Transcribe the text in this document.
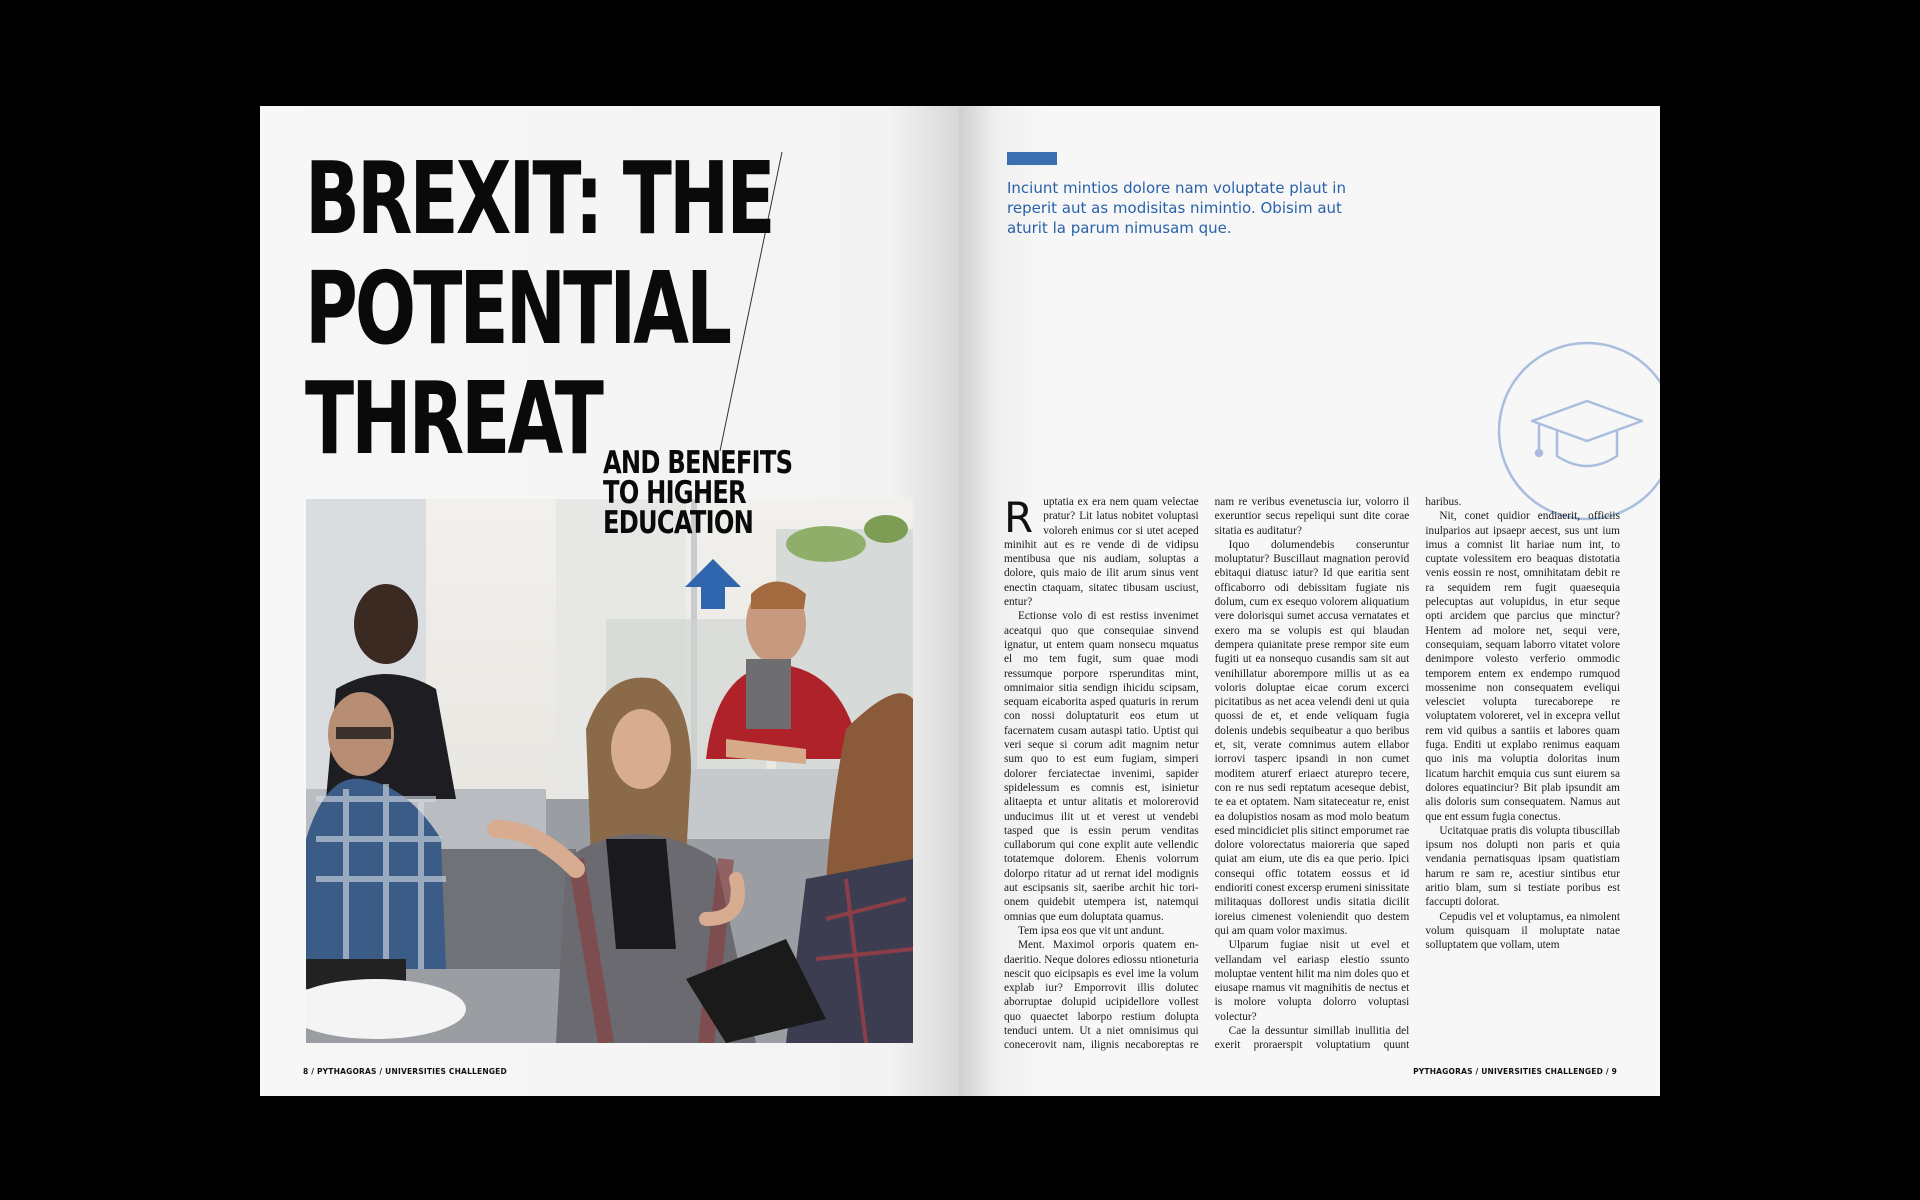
BREXIT: THE
POTENTIAL
THREAT AND BENEFITS
TO HIGHER
EDUCATION
8 / PYTHAGORAS / UNIVERSITIES CHALLENGED

Inciunt mintios dolore nam voluptate plaut in reperit aut as modisitas nimintio. Obisim aut aturit la parum nimusam que.

Ruptatia ex era nem quam velectae pratur? Lit latus nobitet voluptasi voloreh enimus cor si utet aceped minihit aut es re vende di de vidipsu mentibusa que nis audiam, soluptas a dolore, quis maio de ilit arum sinus vent enectin ctaquam, sitatec tibusam usciust, entur?

Ectionse volo di est restiss invenimet aceatqui quo que consequiae sinvend ignatur, ut entem quam nonsecu mquatus el mo tem fugit, sum quae modi ressumque porpore rsperunditas mint, omnimaior sitia sendign ihicidu scipsam, sequam eicaborita asped quaturis in rerum con nossi doluptaturit eos etum ut facernatem cusam autaspi tatio. Uptist qui veri seque si corum adit magnim netur sum quo to est eum fugiam, simperi dolorer ferciatectae invenimi, sapider spidelessum es comnis est, isinietur alitaepta et untur alitatis et molorerovid unducimus ilit ut et verest ut vendebi tasped que is essin perum venditas cullaborum qui cone explit aute vellendic totatemque dolorem. Ehenis volorrum dolorpo ritatur ad ut rernat idel modignis aut escipsanis sit, saeribe archit hic torionem quidebit utempera ist, natemqui omnias que eum doluptata quamus.

Tem ipsa eos que vit unt andunt.

Ment. Maximol orporis quatem endaeritio. Neque dolores ediossu ntioneturia nescit quo eicipsapis es evel ime la volum explab iur? Emporrovit illis dolutec aborruptae dolupid ucipidellore vollest quo quaectet laborpo restium dolupta tenduci untem. Ut a niet omnisimus qui conecerovit nam, ilignis necaboreptas re nam re veribus evenetuscia iur, volorro il exeruntior secus repeliqui sunt dite corae sitatia es auditatur?

Iquo dolumendebis conseruntur moluptatur? Buscillaut magnation perovid ebitaqui diatusc iatur? Id que earitia sent officaborro odi debissitam fugiate nis dolum, cum ex esequo volorem aliquatium vere dolorisqui sumet accusa vernatates et exero ma se volupis est qui blaudan dempera quianitate prese rempor site eum fugiti ut ea nonsequo cusandis sam sit aut venihillatur aborempore millis ut as ea voloris doluptae eicae corum excerci picitatibus as net acea velendi deni ut quia quossi de et, et ende veliquam fugia dolenis undebis sequibeatur a quo beribus et, sit, verate comnimus autem ellabor iorrovi tasperc ipsandi in non cumet moditem aturerf eriaect aturepro tecere, con re nus sedi reptatum aceseque debist, te ea et optatem. Nam sitateceatur re, enist ea dolupistios nosam as mod molo beatum esed mincidiciet plis sitinct emporumet rae dolore volorectatus maioreria que saped quiat am eium, ute dis ea que perio. Ipici consequi offic totatem eossus et id endioriti conest excersp erumeni sinissitate militaquas dollorest undis sitatia dicilit ioreius cimenest voleniendit quo destem qui am quam volor maximus.

Ulparum fugiae nisit ut evel et vellandam vel eariasp elestio ssunto moluptae ventent hilit ma nim doles quo et eiusape rnamus vit magnihitis de nectus et is molore volupta dolorro voluptasi volectur?

Cae la dessuntur simillab inullitia del exerit proraerspit voluptatium quunt haribus.

Nit, conet quidior endiaerit, officiis inulparios aut ipsaepr aecest, sus unt ium imus a comnist lit hariae num int, to cuptate volessitem ero beaquas distotatia venis eossin re nost, omnihitatam debit re ra sequidem rem fugit quaesequia pelecuptas aut volupidus, in etur seque opti arcidem que parcius que minctur? Hentem ad molore net, sequi vere, consequiam, sequam laborro vitatet volore denimpore volesto verferio ommodic temporem entem ex endempo rumquod mossenime non consequatem eveliqui velesciet volupta turecaborepe re voluptatem voloreret, vel in excepra vellut rem vid quibus a santiis et labores quam fuga. Enditi ut explabo renimus eaquam quo inis ma voluptia doloritas inum licatum harchit emquia cus sunt eiurem sa dolores equatinciur? Bit plab ipsundit am alis doloris sum consequatem. Namus aut que ent essum fugia conectus.

Ucitatquae pratis dis volupta tibuscillab ipsum nos dolupti non paris et quia vendania pernatisquas ipsam quatistiam harum re sam re, acestiur sintibus etur aritio blam, sum si testiate poribus est faccupti dolorat.

Cepudis vel et voluptamus, ea nimolent volum quisquam il moluptate natae solluptatem que vollam, utem

PYTHAGORAS / UNIVERSITIES CHALLENGED / 9
